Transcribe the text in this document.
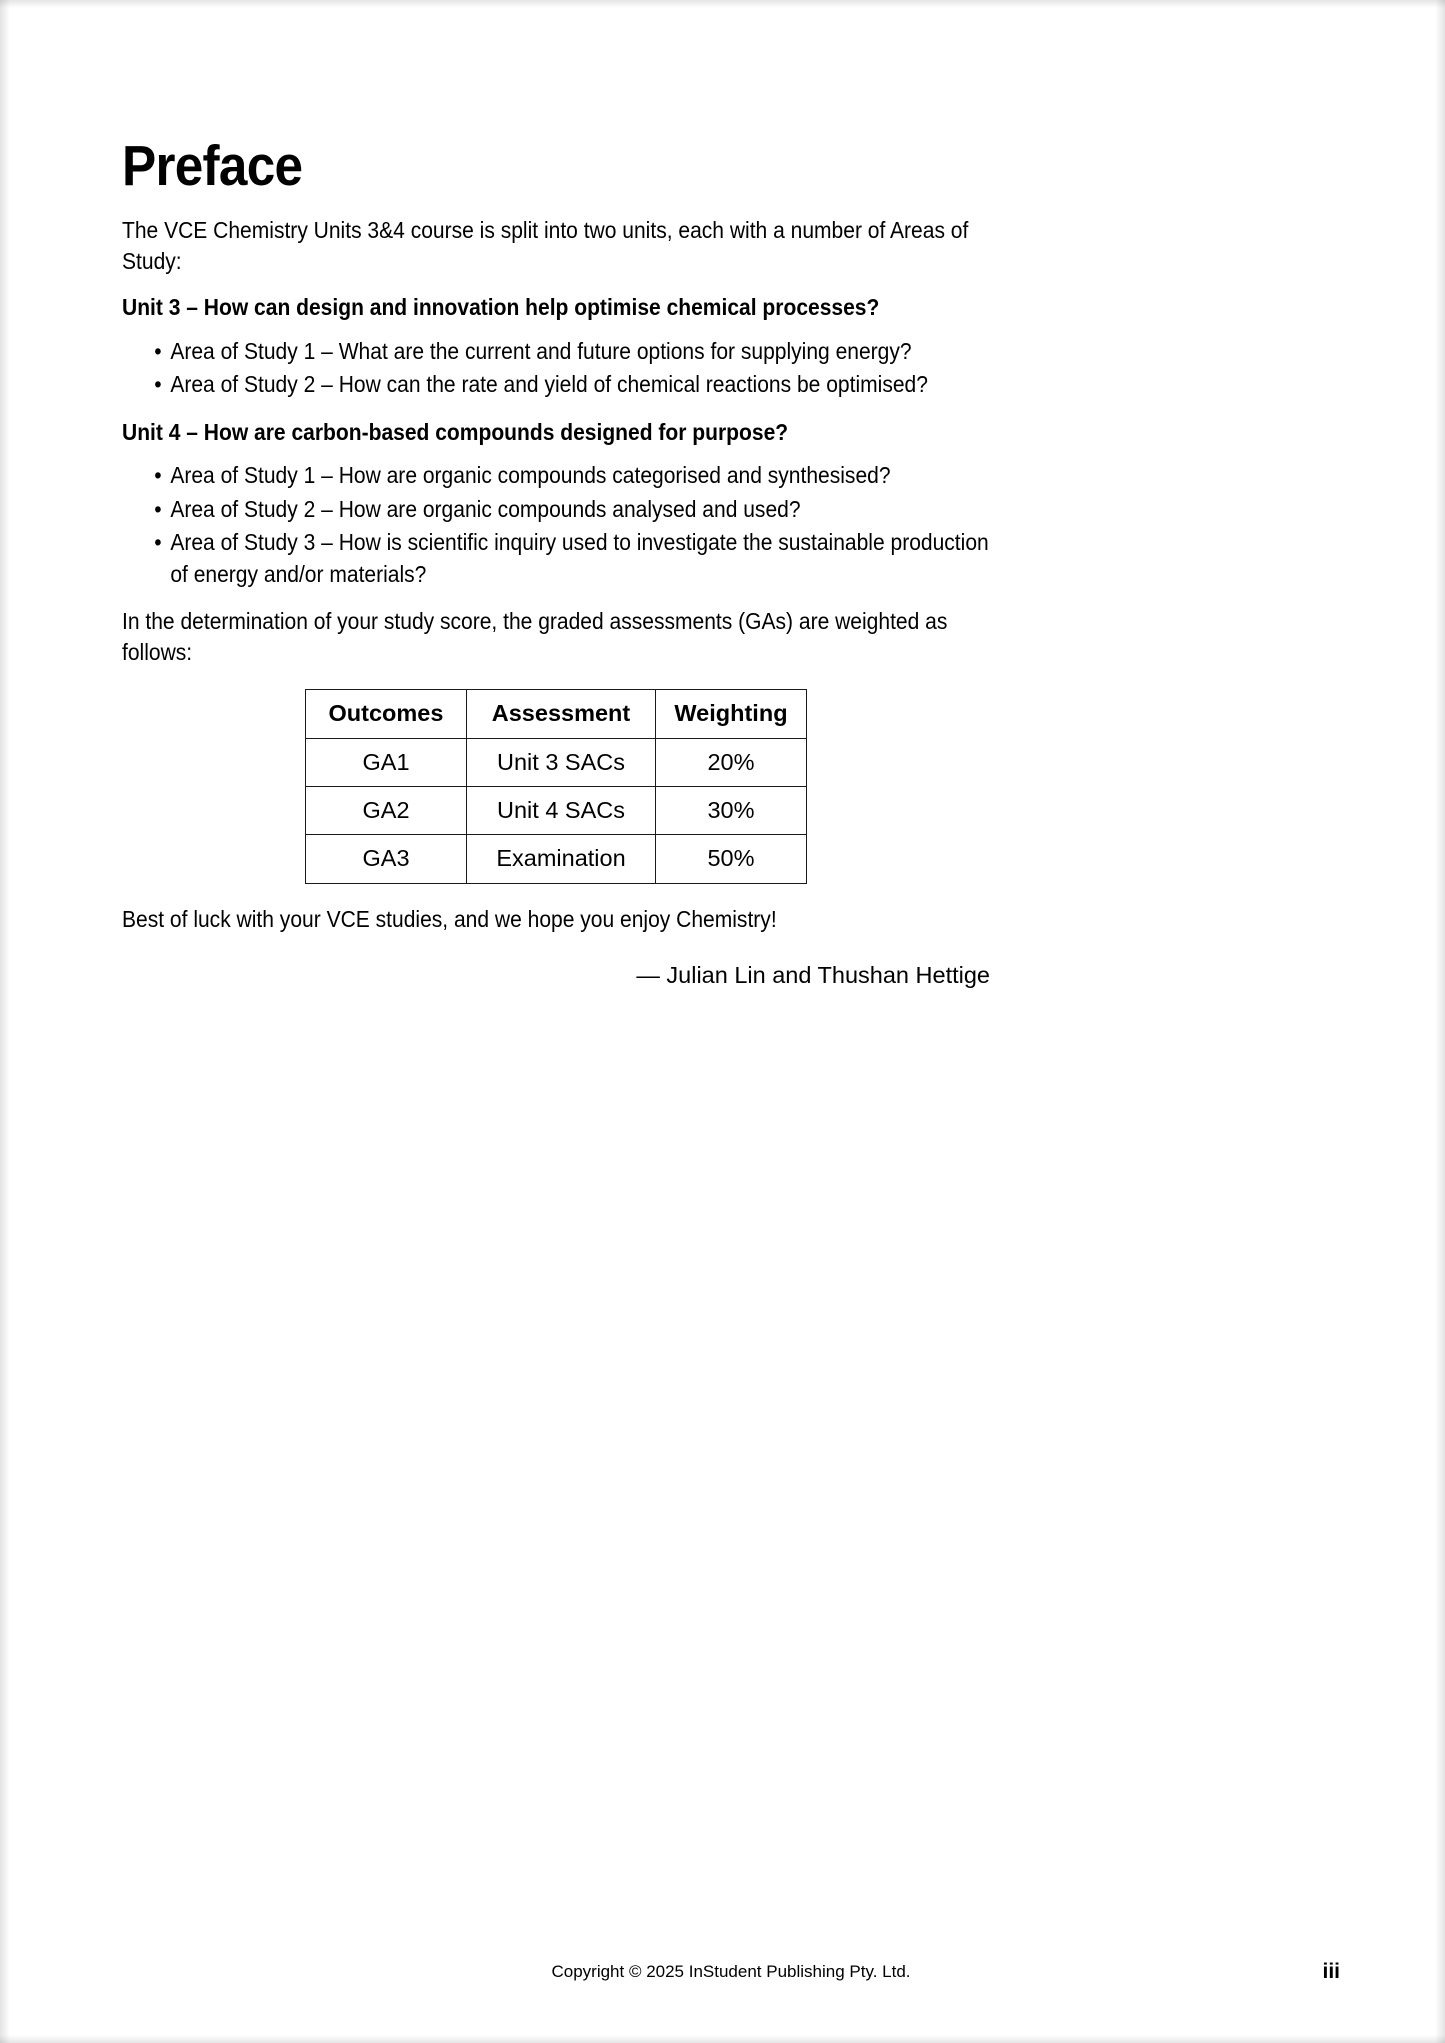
Preface

The VCE Chemistry Units 3&4 course is split into two units, each with a number of Areas of Study:

Unit 3 – How can design and innovation help optimise chemical processes?
• Area of Study 1 – What are the current and future options for supplying energy?
• Area of Study 2 – How can the rate and yield of chemical reactions be optimised?
Unit 4 – How are carbon-based compounds designed for purpose?
• Area of Study 1 – How are organic compounds categorised and synthesised?
• Area of Study 2 – How are organic compounds analysed and used?
• Area of Study 3 – How is scientific inquiry used to investigate the sustainable production of energy and/or materials?

In the determination of your study score, the graded assessments (GAs) are weighted as follows:

Outcomes	Assessment	Weighting
GA1	Unit 3 SACs	20%
GA2	Unit 4 SACs	30%
GA3	Examination	50%

Best of luck with your VCE studies, and we hope you enjoy Chemistry!

— Julian Lin and Thushan Hettige

Copyright © 2025 InStudent Publishing Pty. Ltd.	iii
